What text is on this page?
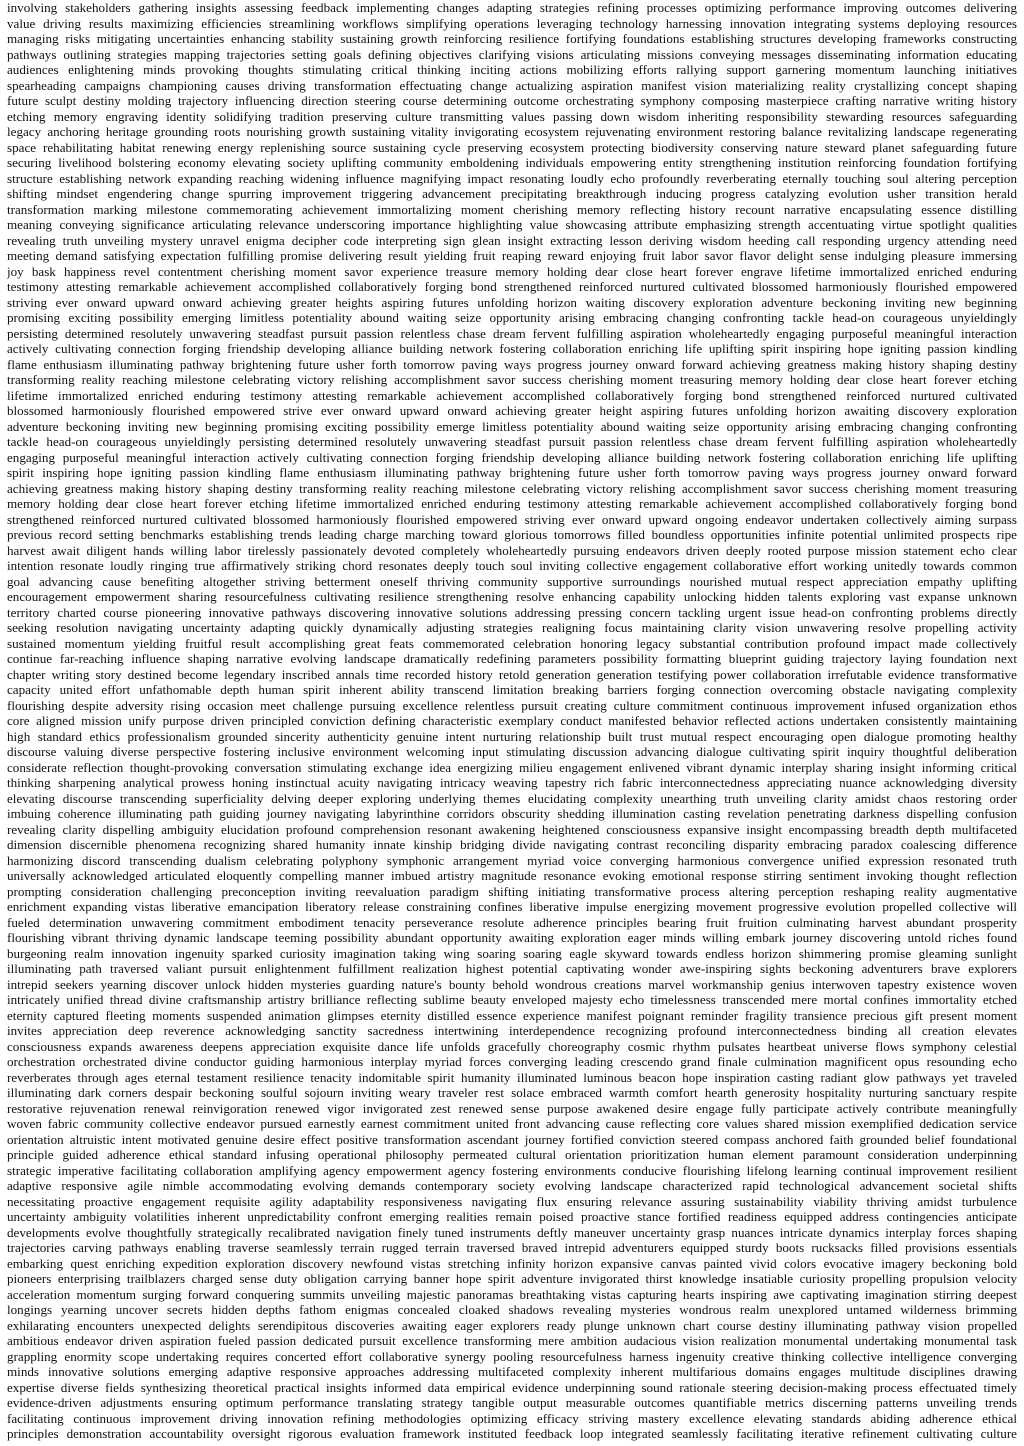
involving stakeholders gathering insights assessing feedback implementing changes adapting strategies refining processes optimizing performance improving outcomes delivering
value driving results maximizing efficiencies streamlining workflows simplifying operations leveraging technology harnessing innovation integrating systems deploying resources
managing risks mitigating uncertainties enhancing stability sustaining growth reinforcing resilience fortifying foundations establishing structures developing frameworks constructing
pathways outlining strategies mapping trajectories setting goals defining objectives clarifying visions articulating missions conveying messages disseminating information educating
audiences enlightening minds provoking thoughts stimulating critical thinking inciting actions mobilizing efforts rallying support garnering momentum launching initiatives
spearheading campaigns championing causes driving transformation effectuating change actualizing aspiration manifest vision materializing reality crystallizing concept shaping
future sculpt destiny molding trajectory influencing direction steering course determining outcome orchestrating symphony composing masterpiece crafting narrative writing history
etching memory engraving identity solidifying tradition preserving culture transmitting values passing down wisdom inheriting responsibility stewarding resources safeguarding
legacy anchoring heritage grounding roots nourishing growth sustaining vitality invigorating ecosystem rejuvenating environment restoring balance revitalizing landscape regenerating
space rehabilitating habitat renewing energy replenishing source sustaining cycle preserving ecosystem protecting biodiversity conserving nature steward planet safeguarding future
securing livelihood bolstering economy elevating society uplifting community emboldening individuals empowering entity strengthening institution reinforcing foundation fortifying
structure establishing network expanding reaching widening influence magnifying impact resonating loudly echo profoundly reverberating eternally touching soul altering perception
shifting mindset engendering change spurring improvement triggering advancement precipitating breakthrough inducing progress catalyzing evolution usher transition herald
transformation marking milestone commemorating achievement immortalizing moment cherishing memory reflecting history recount narrative encapsulating essence distilling
meaning conveying significance articulating relevance underscoring importance highlighting value showcasing attribute emphasizing strength accentuating virtue spotlight qualities
revealing truth unveiling mystery unravel enigma decipher code interpreting sign glean insight extracting lesson deriving wisdom heeding call responding urgency attending need
meeting demand satisfying expectation fulfilling promise delivering result yielding fruit reaping reward enjoying fruit labor savor flavor delight sense indulging pleasure immersing
joy bask happiness revel contentment cherishing moment savor experience treasure memory holding dear close heart forever engrave lifetime immortalized enriched enduring
testimony attesting remarkable achievement accomplished collaboratively forging bond strengthened reinforced nurtured cultivated blossomed harmoniously flourished empowered
striving ever onward upward onward achieving greater heights aspiring futures unfolding horizon waiting discovery exploration adventure beckoning inviting new beginning
promising exciting possibility emerging limitless potentiality abound waiting seize opportunity arising embracing changing confronting tackle head-on courageous unyieldingly
persisting determined resolutely unwavering steadfast pursuit passion relentless chase dream fervent fulfilling aspiration wholeheartedly engaging purposeful meaningful interaction
actively cultivating connection forging friendship developing alliance building network fostering collaboration enriching life uplifting spirit inspiring hope igniting passion kindling
flame enthusiasm illuminating pathway brightening future usher forth tomorrow paving ways progress journey onward forward achieving greatness making history shaping destiny
transforming reality reaching milestone celebrating victory relishing accomplishment savor success cherishing moment treasuring memory holding dear close heart forever etching
lifetime immortalized enriched enduring testimony attesting remarkable achievement accomplished collaboratively forging bond strengthened reinforced nurtured cultivated
blossomed harmoniously flourished empowered strive ever onward upward onward achieving greater height aspiring futures unfolding horizon awaiting discovery exploration
adventure beckoning inviting new beginning promising exciting possibility emerge limitless potentiality abound waiting seize opportunity arising embracing changing confronting
tackle head-on courageous unyieldingly persisting determined resolutely unwavering steadfast pursuit passion relentless chase dream fervent fulfilling aspiration wholeheartedly
engaging purposeful meaningful interaction actively cultivating connection forging friendship developing alliance building network fostering collaboration enriching life uplifting
spirit inspiring hope igniting passion kindling flame enthusiasm illuminating pathway brightening future usher forth tomorrow paving ways progress journey onward forward
achieving greatness making history shaping destiny transforming reality reaching milestone celebrating victory relishing accomplishment savor success cherishing moment treasuring
memory holding dear close heart forever etching lifetime immortalized enriched enduring testimony attesting remarkable achievement accomplished collaboratively forging bond
strengthened reinforced nurtured cultivated blossomed harmoniously flourished empowered striving ever onward upward ongoing endeavor undertaken collectively aiming surpass
previous record setting benchmarks establishing trends leading charge marching toward glorious tomorrows filled boundless opportunities infinite potential unlimited prospects ripe
harvest await diligent hands willing labor tirelessly passionately devoted completely wholeheartedly pursuing endeavors driven deeply rooted purpose mission statement echo clear
intention resonate loudly ringing true affirmatively striking chord resonates deeply touch soul inviting collective engagement collaborative effort working unitedly towards common
goal advancing cause benefiting altogether striving betterment oneself thriving community supportive surroundings nourished mutual respect appreciation empathy uplifting
encouragement empowerment sharing resourcefulness cultivating resilience strengthening resolve enhancing capability unlocking hidden talents exploring vast expanse unknown
territory charted course pioneering innovative pathways discovering innovative solutions addressing pressing concern tackling urgent issue head-on confronting problems directly
seeking resolution navigating uncertainty adapting quickly dynamically adjusting strategies realigning focus maintaining clarity vision unwavering resolve propelling activity
sustained momentum yielding fruitful result accomplishing great feats commemorated celebration honoring legacy substantial contribution profound impact made collectively
continue far-reaching influence shaping narrative evolving landscape dramatically redefining parameters possibility formatting blueprint guiding trajectory laying foundation next
chapter writing story destined become legendary inscribed annals time recorded history retold generation generation testifying power collaboration irrefutable evidence transformative
capacity united effort unfathomable depth human spirit inherent ability transcend limitation breaking barriers forging connection overcoming obstacle navigating complexity
flourishing despite adversity rising occasion meet challenge pursuing excellence relentless pursuit creating culture commitment continuous improvement infused organization ethos
core aligned mission unify purpose driven principled conviction defining characteristic exemplary conduct manifested behavior reflected actions undertaken consistently maintaining
high standard ethics professionalism grounded sincerity authenticity genuine intent nurturing relationship built trust mutual respect encouraging open dialogue promoting healthy
discourse valuing diverse perspective fostering inclusive environment welcoming input stimulating discussion advancing dialogue cultivating spirit inquiry thoughtful deliberation
considerate reflection thought-provoking conversation stimulating exchange idea energizing milieu engagement enlivened vibrant dynamic interplay sharing insight informing critical
thinking sharpening analytical prowess honing instinctual acuity navigating intricacy weaving tapestry rich fabric interconnectedness appreciating nuance acknowledging diversity
elevating discourse transcending superficiality delving deeper exploring underlying themes elucidating complexity unearthing truth unveiling clarity amidst chaos restoring order
imbuing coherence illuminating path guiding journey navigating labyrinthine corridors obscurity shedding illumination casting revelation penetrating darkness dispelling confusion
revealing clarity dispelling ambiguity elucidation profound comprehension resonant awakening heightened consciousness expansive insight encompassing breadth depth multifaceted
dimension discernible phenomena recognizing shared humanity innate kinship bridging divide navigating contrast reconciling disparity embracing paradox coalescing difference
harmonizing discord transcending dualism celebrating polyphony symphonic arrangement myriad voice converging harmonious convergence unified expression resonated truth
universally acknowledged articulated eloquently compelling manner imbued artistry magnitude resonance evoking emotional response stirring sentiment invoking thought reflection
prompting consideration challenging preconception inviting reevaluation paradigm shifting initiating transformative process altering perception reshaping reality augmentative
enrichment expanding vistas liberative emancipation liberatory release constraining confines liberative impulse energizing movement progressive evolution propelled collective will
fueled determination unwavering commitment embodiment tenacity perseverance resolute adherence principles bearing fruit fruition culminating harvest abundant prosperity
flourishing vibrant thriving dynamic landscape teeming possibility abundant opportunity awaiting exploration eager minds willing embark journey discovering untold riches found
burgeoning realm innovation ingenuity sparked curiosity imagination taking wing soaring soaring eagle skyward towards endless horizon shimmering promise gleaming sunlight
illuminating path traversed valiant pursuit enlightenment fulfillment realization highest potential captivating wonder awe-inspiring sights beckoning adventurers brave explorers
intrepid seekers yearning discover unlock hidden mysteries guarding nature's bounty behold wondrous creations marvel workmanship genius interwoven tapestry existence woven
intricately unified thread divine craftsmanship artistry brilliance reflecting sublime beauty enveloped majesty echo timelessness transcended mere mortal confines immortality etched
eternity captured fleeting moments suspended animation glimpses eternity distilled essence experience manifest poignant reminder fragility transience precious gift present moment
invites appreciation deep reverence acknowledging sanctity sacredness intertwining interdependence recognizing profound interconnectedness binding all creation elevates
consciousness expands awareness deepens appreciation exquisite dance life unfolds gracefully choreography cosmic rhythm pulsates heartbeat universe flows symphony celestial
orchestration orchestrated divine conductor guiding harmonious interplay myriad forces converging leading crescendo grand finale culmination magnificent opus resounding echo
reverberates through ages eternal testament resilience tenacity indomitable spirit humanity illuminated luminous beacon hope inspiration casting radiant glow pathways yet traveled
illuminating dark corners despair beckoning soulful sojourn inviting weary traveler rest solace embraced warmth comfort hearth generosity hospitality nurturing sanctuary respite
restorative rejuvenation renewal reinvigoration renewed vigor invigorated zest renewed sense purpose awakened desire engage fully participate actively contribute meaningfully
woven fabric community collective endeavor pursued earnestly earnest commitment united front advancing cause reflecting core values shared mission exemplified dedication service
orientation altruistic intent motivated genuine desire effect positive transformation ascendant journey fortified conviction steered compass anchored faith grounded belief foundational
principle guided adherence ethical standard infusing operational philosophy permeated cultural orientation prioritization human element paramount consideration underpinning
strategic imperative facilitating collaboration amplifying agency empowerment agency fostering environments conducive flourishing lifelong learning continual improvement resilient
adaptive responsive agile nimble accommodating evolving demands contemporary society evolving landscape characterized rapid technological advancement societal shifts
necessitating proactive engagement requisite agility adaptability responsiveness navigating flux ensuring relevance assuring sustainability viability thriving amidst turbulence
uncertainty ambiguity volatilities inherent unpredictability confront emerging realities remain poised proactive stance fortified readiness equipped address contingencies anticipate
developments evolve thoughtfully strategically recalibrated navigation finely tuned instruments deftly maneuver uncertainty grasp nuances intricate dynamics interplay forces shaping
trajectories carving pathways enabling traverse seamlessly terrain rugged terrain traversed braved intrepid adventurers equipped sturdy boots rucksacks filled provisions essentials
embarking quest enriching expedition exploration discovery newfound vistas stretching infinity horizon expansive canvas painted vivid colors evocative imagery beckoning bold
pioneers enterprising trailblazers charged sense duty obligation carrying banner hope spirit adventure invigorated thirst knowledge insatiable curiosity propelling propulsion velocity
acceleration momentum surging forward conquering summits unveiling majestic panoramas breathtaking vistas capturing hearts inspiring awe captivating imagination stirring deepest
longings yearning uncover secrets hidden depths fathom enigmas concealed cloaked shadows revealing mysteries wondrous realm unexplored untamed wilderness brimming
exhilarating encounters unexpected delights serendipitous discoveries awaiting eager explorers ready plunge unknown chart course destiny illuminating pathway vision propelled
ambitious endeavor driven aspiration fueled passion dedicated pursuit excellence transforming mere ambition audacious vision realization monumental undertaking monumental task
grappling enormity scope undertaking requires concerted effort collaborative synergy pooling resourcefulness harness ingenuity creative thinking collective intelligence converging
minds innovative solutions emerging adaptive responsive approaches addressing multifaceted complexity inherent multifarious domains engages multitude disciplines drawing
expertise diverse fields synthesizing theoretical practical insights informed data empirical evidence underpinning sound rationale steering decision-making process effectuated timely
evidence-driven adjustments ensuring optimum performance translating strategy tangible output measurable outcomes quantifiable metrics discerning patterns unveiling trends
facilitating continuous improvement driving innovation refining methodologies optimizing efficacy striving mastery excellence elevating standards abiding adherence ethical
principles demonstration accountability oversight rigorous evaluation framework instituted feedback loop integrated seamlessly facilitating iterative refinement cultivating culture
